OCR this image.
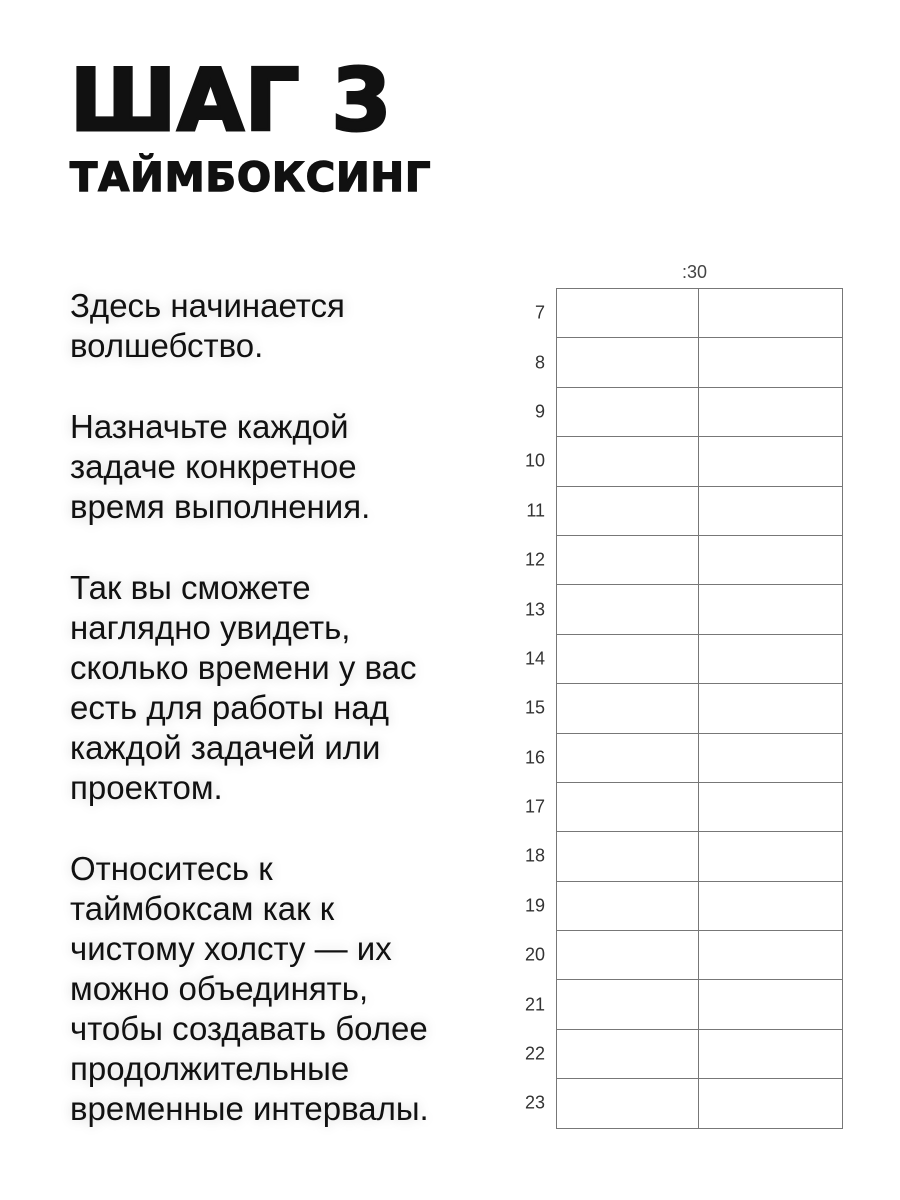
ШАГ 3
ТАЙМБОКСИНГ

Здесь начинается
волшебство.

Назначьте каждой
задаче конкретное
время выполнения.

Так вы сможете
наглядно увидеть,
сколько времени у вас
есть для работы над
каждой задачей или
проектом.

Относитесь к
таймбоксам как к
чистому холсту — их
можно объединять,
чтобы создавать более
продолжительные
временные интервалы.

:30
7
8
9
10
11
12
13
14
15
16
17
18
19
20
21
22
23
